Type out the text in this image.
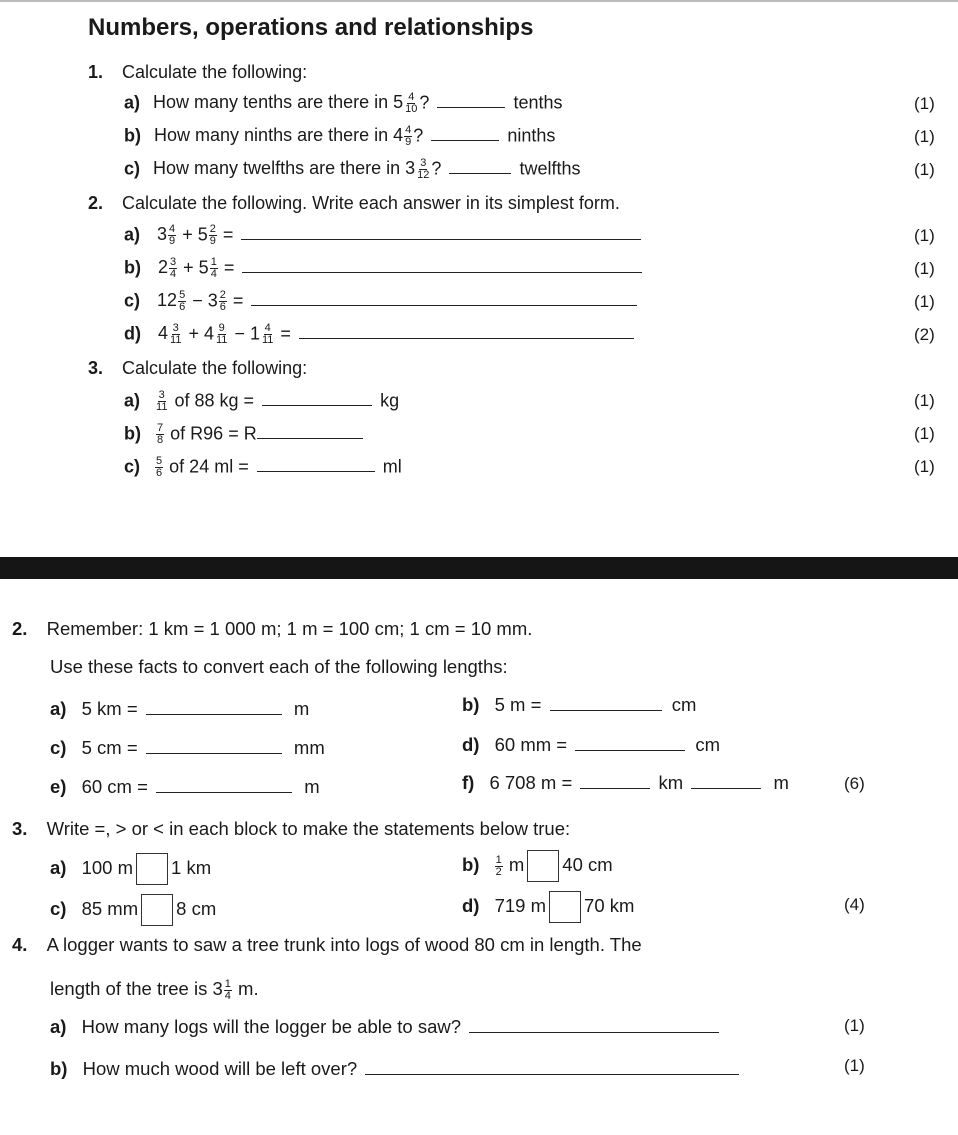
Numbers, operations and relationships
1. Calculate the following:
a) How many tenths are there in $5 \frac{4}{10}$ ?	tenths	(1)
b) How many ninths are there in $4 \frac{4}{9}$ ?	ninths	(1)
c) How many twelfths are there in $3 \frac{3}{12}$ ?	twelfths	(1)
2. Calculate the following. Write each answer in its simplest form.
a) $3 \frac{4}{9} + 5 \frac{2}{9}$ =	(1)
b) $2 \frac{3}{4} + 5 \frac{1}{4}$ =	(1)
c) $12 \frac{5}{6} - 3 \frac{2}{6}$ =	(1)
d) $4 \frac{3}{11} + 4 \frac{9}{11} - 1 \frac{4}{11}$ =	(2)
3. Calculate the following:
$a) \frac{3}{11}$ of 88 kg =	kg	(1)
$b) \frac{7}{8}$ of R96 = R	(1)
$c) \frac{5}{6}$ of 24 ml =	ml	(1)
2. Remember: 1 km = 1 000 m; 1 m = 100 cm; 1 cm = 10 mm.
Use these facts to convert each of the following lengths:
a) 5 km =	m	b) 5 m =	cm
c) 5 cm =	mm	d) 60 mm =	cm
e) 60 cm =	m	f) 6 708 m =	km	m	(6)
3. Write =, > or < in each block to make the statements below true:
a) 100 m 1 km	$b) \frac{1}{2}$ m 40 cm
c) 85 mm 8 cm	d) 719 m 70 km	(4)
4. A logger wants to saw a tree trunk into logs of wood 80 cm in length. The
length of the tree is $3 \frac{1}{4} m$.
a) How many logs will the logger be able to saw?	(1)
b) How much wood will be left over?	(1)
